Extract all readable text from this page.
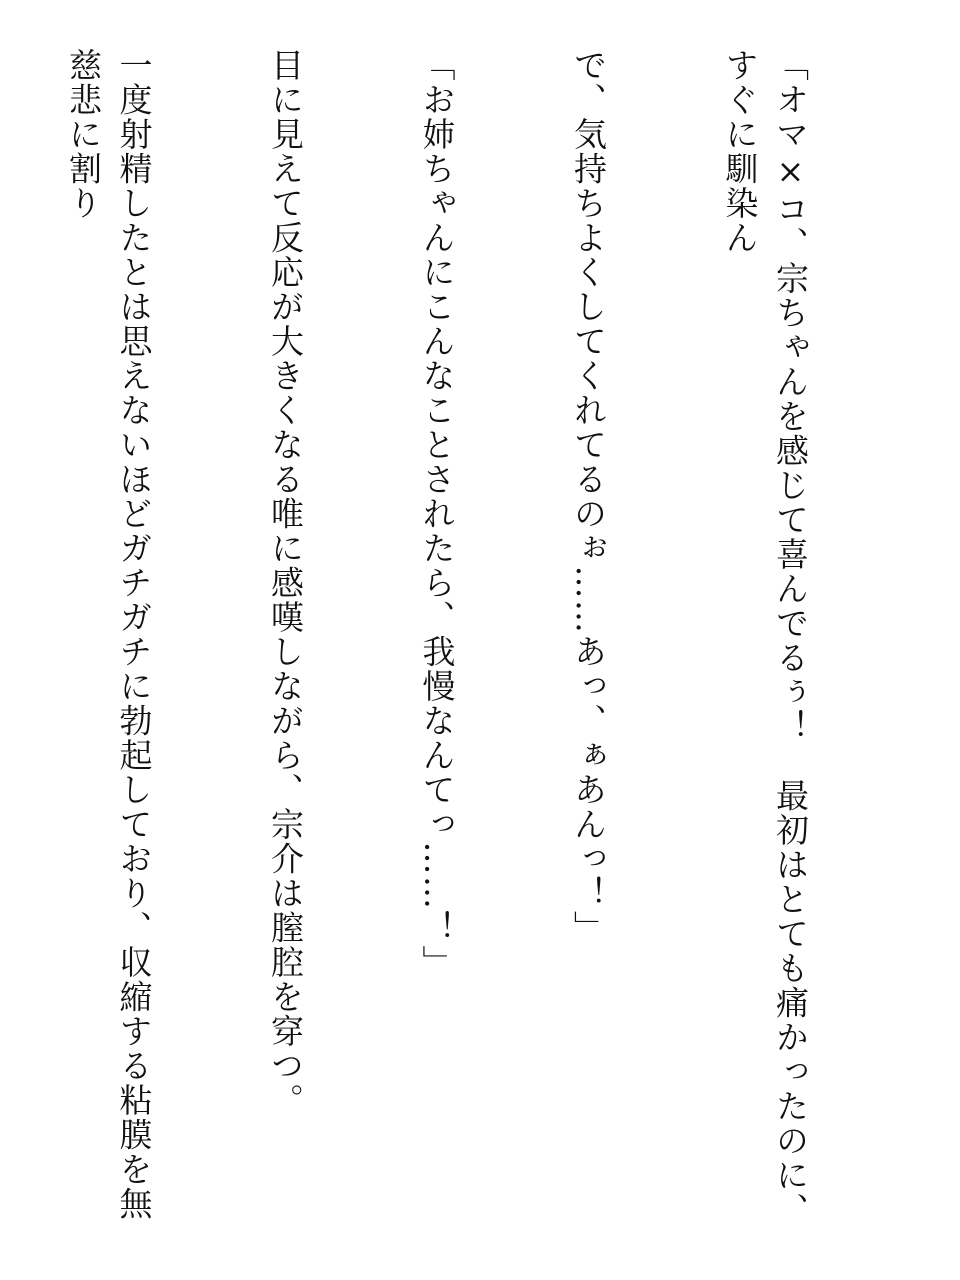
「オマ×コ、宗ちゃんを感じて喜んでるぅ！　最初はとても痛かったのに、すぐに馴染ん

で、気持ちよくしてくれてるのぉ……あっ、ぁあんっ！」

「お姉ちゃんにこんなことされたら、我慢なんてっ……！」

目に見えて反応が大きくなる唯に感嘆しながら、宗介は膣腔を穿つ。

一度射精したとは思えないほどガチガチに勃起しており、収縮する粘膜を無慈悲に割り
